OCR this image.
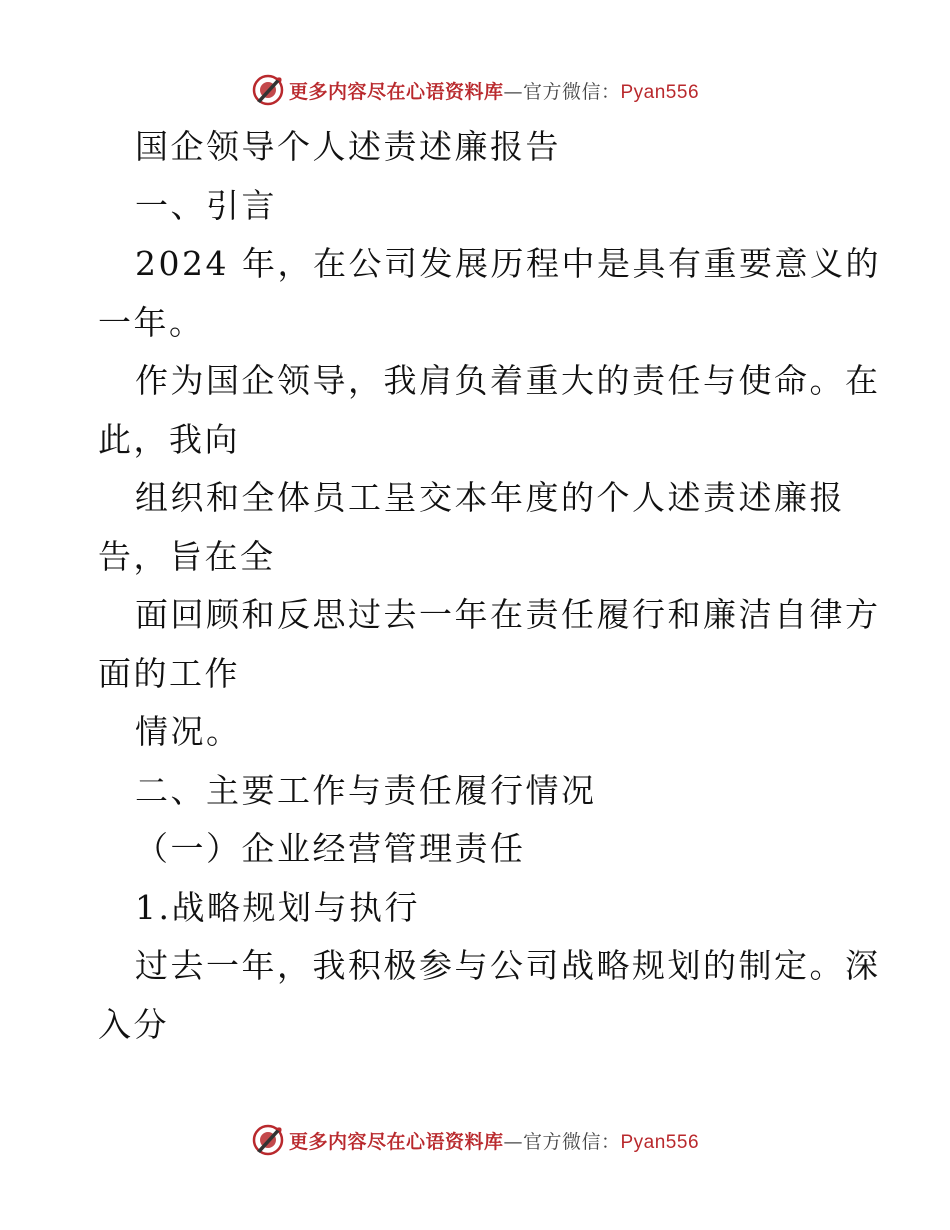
更多内容尽在心语资料库—官方微信：Pyan556
国企领导个人述责述廉报告
一、引言
2024 年，在公司发展历程中是具有重要意义的
一年。
作为国企领导，我肩负着重大的责任与使命。在
此，我向
组织和全体员工呈交本年度的个人述责述廉报
告，旨在全
面回顾和反思过去一年在责任履行和廉洁自律方
面的工作
情况。
二、主要工作与责任履行情况
（一）企业经营管理责任
1.战略规划与执行
过去一年，我积极参与公司战略规划的制定。深
入分
更多内容尽在心语资料库—官方微信：Pyan556
